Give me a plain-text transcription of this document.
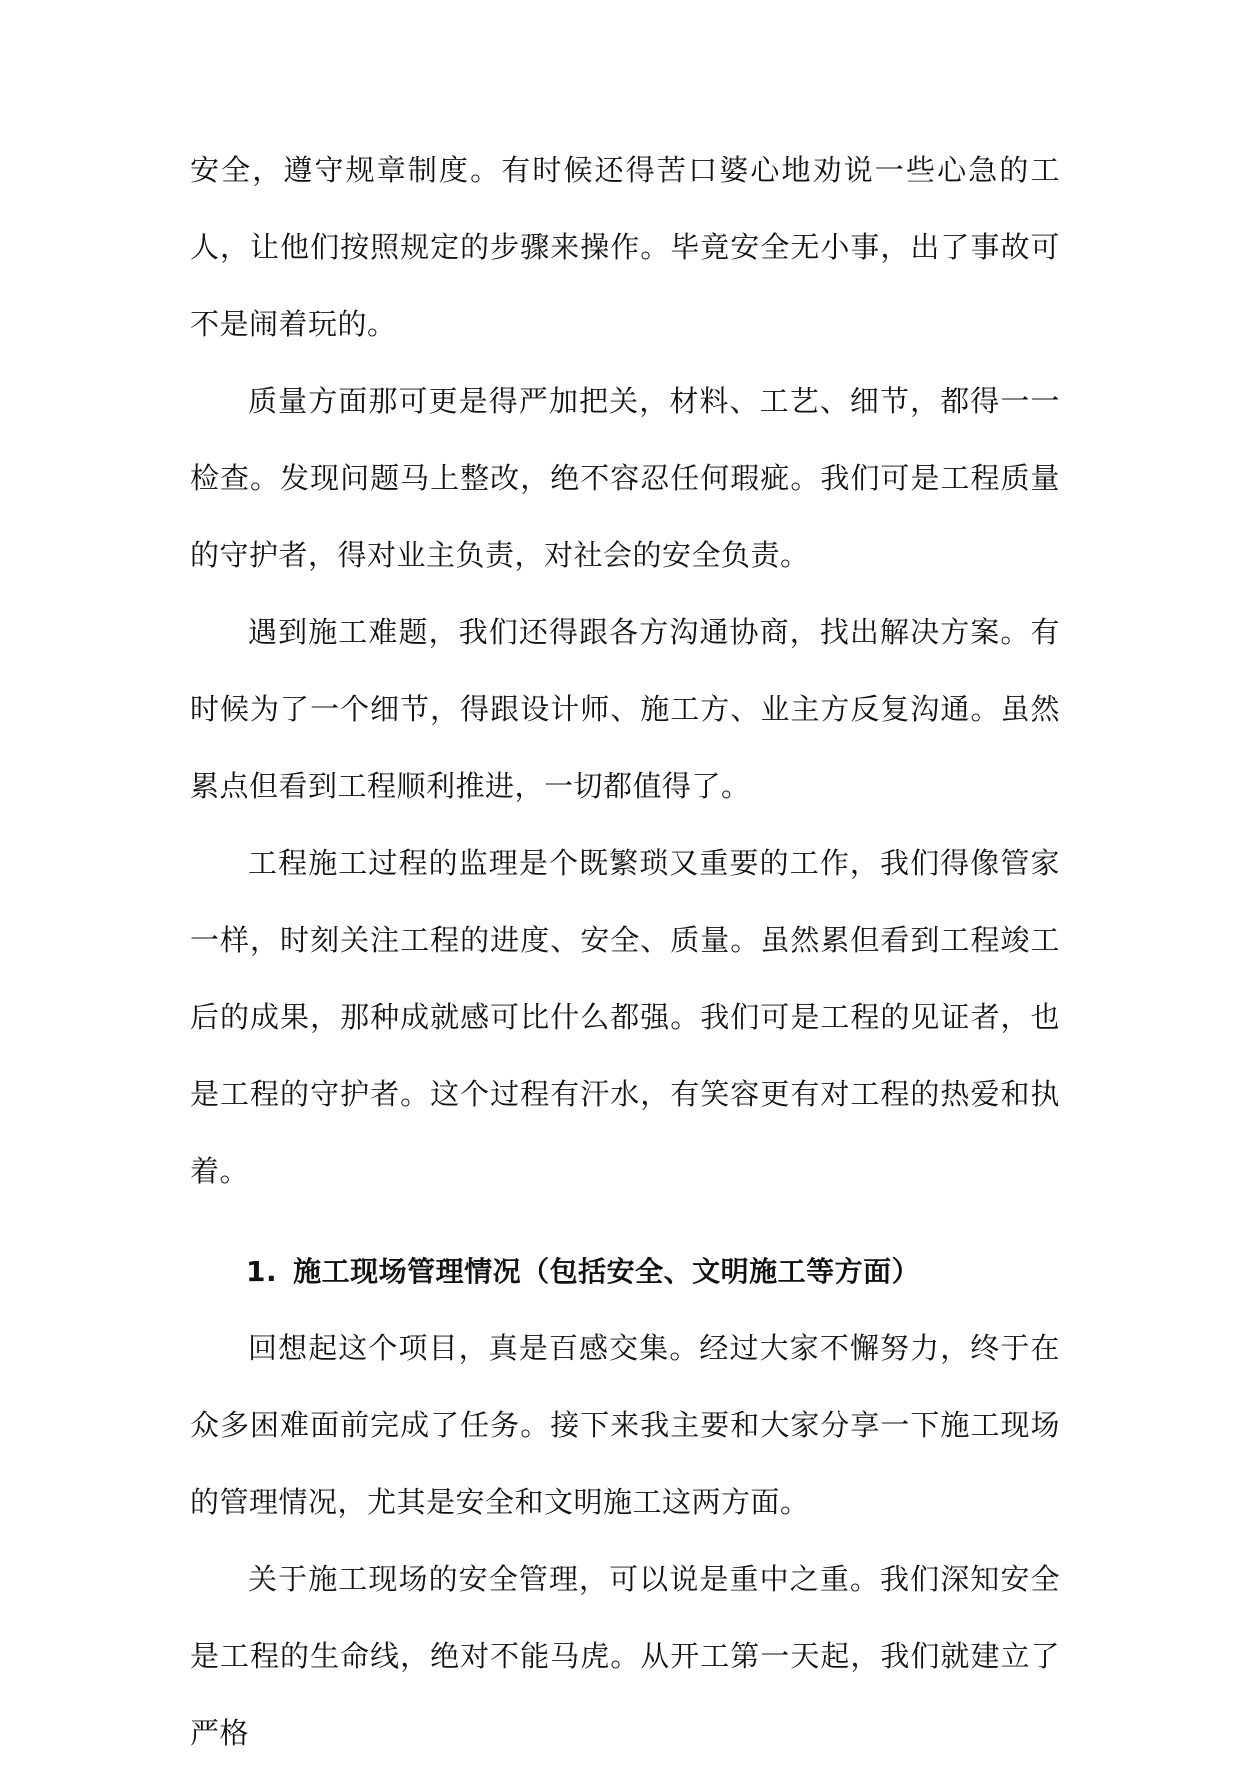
安全，遵守规章制度。有时候还得苦口婆心地劝说一些心急的工人，让他们按照规定的步骤来操作。毕竟安全无小事，出了事故可不是闹着玩的。

质量方面那可更是得严加把关，材料、工艺、细节，都得一一检查。发现问题马上整改，绝不容忍任何瑕疵。我们可是工程质量的守护者，得对业主负责，对社会的安全负责。

遇到施工难题，我们还得跟各方沟通协商，找出解决方案。有时候为了一个细节，得跟设计师、施工方、业主方反复沟通。虽然累点但看到工程顺利推进，一切都值得了。

工程施工过程的监理是个既繁琐又重要的工作，我们得像管家一样，时刻关注工程的进度、安全、质量。虽然累但看到工程竣工后的成果，那种成就感可比什么都强。我们可是工程的见证者，也是工程的守护者。这个过程有汗水，有笑容更有对工程的热爱和执着。

1. 施工现场管理情况（包括安全、文明施工等方面）

回想起这个项目，真是百感交集。经过大家不懈努力，终于在众多困难面前完成了任务。接下来我主要和大家分享一下施工现场的管理情况，尤其是安全和文明施工这两方面。

关于施工现场的安全管理，可以说是重中之重。我们深知安全是工程的生命线，绝对不能马虎。从开工第一天起，我们就建立了严格
